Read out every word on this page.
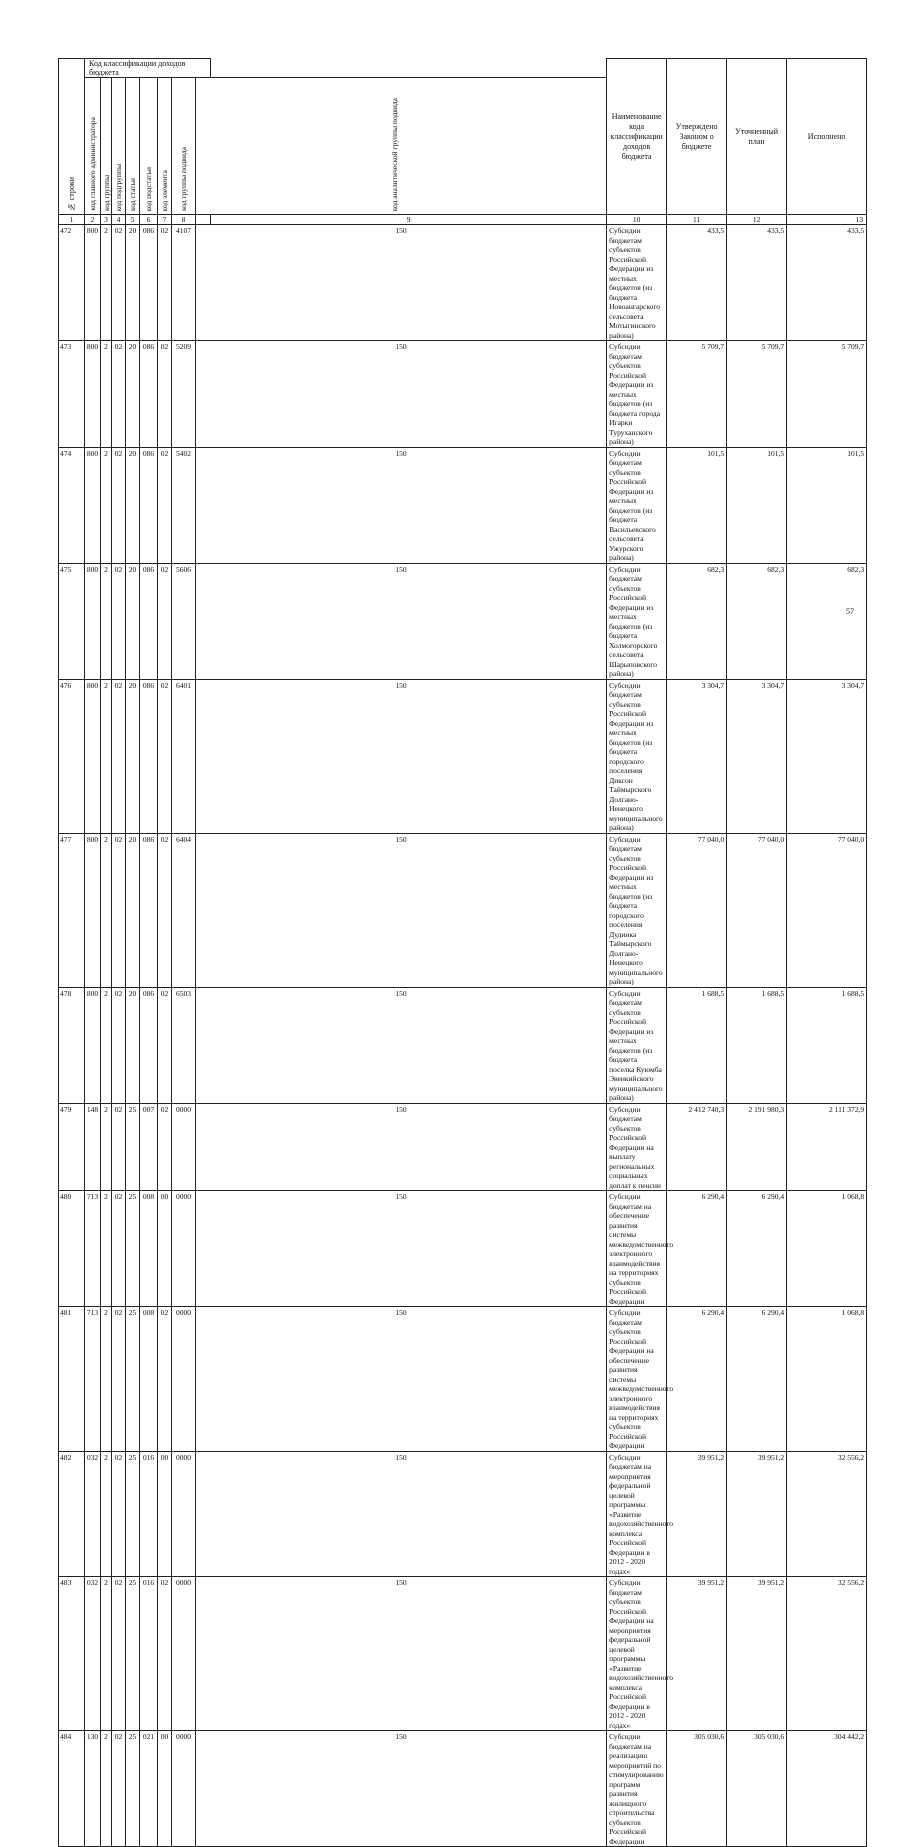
№ строки	Код классификации доходов бюджета									Наименование кода классификации доходов бюджета	Утверждено Законом о бюджете	Уточненный план	Исполнено	

	код главного администратора	код группы	код подгруппы	код статьи	код подстатьи	код элемента	код группы подвида	код аналитической группы подвида						

1	2	3	4	5	6	7	8		9	10	11	12	13	
472	800	2	02	20	086	02	4107	150		Субсидии бюджетам субъектов Российской Федерации из местных бюджетов (из бюджета Новоангарского сельсовета Мотыгинского района)	433,5	433,5	433,5	
473	800	2	02	20	086	02	5209	150		Субсидии бюджетам субъектов Российской Федерации из местных бюджетов (из бюджета города Игарки Туруханского района)	5 709,7	5 709,7	5 709,7	
474	800	2	02	20	086	02	5402	150		Субсидии бюджетам субъектов Российской Федерации из местных бюджетов (из бюджета Васильевского сельсовета Ужурского района)	101,5	101,5	101,5	
475	800	2	02	20	086	02	5606	150		Субсидии бюджетам субъектов Российской Федерации из местных бюджетов (из бюджета Холмогорского сельсовета Шарыповского района)	682,3	682,3	682,3	
476	800	2	02	20	086	02	6401	150		Субсидии бюджетам субъектов Российской Федерации из местных бюджетов (из бюджета городского поселения Диксон Таймырского Долгано-Ненецкого муниципального района)	3 304,7	3 304,7	3 304,7	
477	800	2	02	20	086	02	6404	150		Субсидии бюджетам субъектов Российской Федерации из местных бюджетов (из бюджета городского поселения Дудинка Таймырского Долгано-Ненецкого муниципального района)	77 040,0	77 040,0	77 040,0	
478	800	2	02	20	086	02	6503	150		Субсидии бюджетам субъектов Российской Федерации из местных бюджетов (из бюджета поселка Куюмба Эвенкийского муниципального района)	1 688,5	1 688,5	1 688,5	
479	148	2	02	25	007	02	0000	150		Субсидии бюджетам субъектов Российской Федерации на выплату региональных социальных доплат к пенсии	2 412 740,3	2 191 980,3	2 111 372,9	
480	713	2	02	25	008	00	0000	150		Субсидии бюджетам на обеспечение развития системы межведомственного электронного взаимодействия на территориях субъектов Российской Федерации	6 290,4	6 290,4	1 068,8	
481	713	2	02	25	008	02	0000	150		Субсидии бюджетам субъектов Российской Федерации на обеспечение развития системы межведомственного электронного взаимодействия на территориях субъектов Российской Федерации	6 290,4	6 290,4	1 068,8	
482	032	2	02	25	016	00	0000	150		Субсидии бюджетам на мероприятия федеральной целевой программы «Развитие водохозяйственного комплекса Российской Федерации в 2012 - 2020 годах»	39 951,2	39 951,2	32 556,2	
483	032	2	02	25	016	02	0000	150		Субсидии бюджетам субъектов Российской Федерации на мероприятия федеральной целевой программы «Развитие водохозяйственного комплекса Российской Федерации в 2012 - 2020 годах»	39 951,2	39 951,2	32 556,2	
484	130	2	02	25	021	00	0000	150		Субсидии бюджетам на реализацию мероприятий по стимулированию программ развития жилищного строительства субъектов Российской Федерации	305 030,6	305 030,6	304 442,2	
57
